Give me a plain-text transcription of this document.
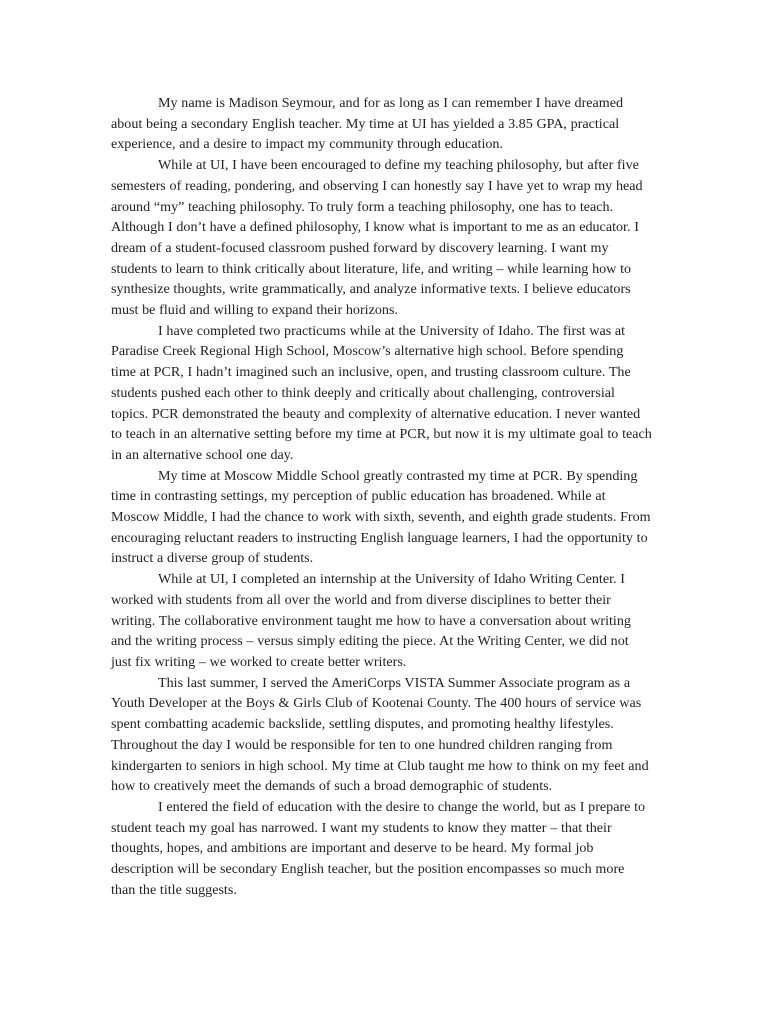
My name is Madison Seymour, and for as long as I can remember I have dreamed about being a secondary English teacher. My time at UI has yielded a 3.85 GPA, practical experience, and a desire to impact my community through education.

While at UI, I have been encouraged to define my teaching philosophy, but after five semesters of reading, pondering, and observing I can honestly say I have yet to wrap my head around “my” teaching philosophy. To truly form a teaching philosophy, one has to teach. Although I don’t have a defined philosophy, I know what is important to me as an educator. I dream of a student-focused classroom pushed forward by discovery learning. I want my students to learn to think critically about literature, life, and writing – while learning how to synthesize thoughts, write grammatically, and analyze informative texts. I believe educators must be fluid and willing to expand their horizons.

I have completed two practicums while at the University of Idaho. The first was at Paradise Creek Regional High School, Moscow’s alternative high school. Before spending time at PCR, I hadn’t imagined such an inclusive, open, and trusting classroom culture. The students pushed each other to think deeply and critically about challenging, controversial topics. PCR demonstrated the beauty and complexity of alternative education. I never wanted to teach in an alternative setting before my time at PCR, but now it is my ultimate goal to teach in an alternative school one day.

My time at Moscow Middle School greatly contrasted my time at PCR. By spending time in contrasting settings, my perception of public education has broadened. While at Moscow Middle, I had the chance to work with sixth, seventh, and eighth grade students. From encouraging reluctant readers to instructing English language learners, I had the opportunity to instruct a diverse group of students.

While at UI, I completed an internship at the University of Idaho Writing Center. I worked with students from all over the world and from diverse disciplines to better their writing. The collaborative environment taught me how to have a conversation about writing and the writing process – versus simply editing the piece. At the Writing Center, we did not just fix writing – we worked to create better writers.

This last summer, I served the AmeriCorps VISTA Summer Associate program as a Youth Developer at the Boys & Girls Club of Kootenai County. The 400 hours of service was spent combatting academic backslide, settling disputes, and promoting healthy lifestyles. Throughout the day I would be responsible for ten to one hundred children ranging from kindergarten to seniors in high school. My time at Club taught me how to think on my feet and how to creatively meet the demands of such a broad demographic of students.

I entered the field of education with the desire to change the world, but as I prepare to student teach my goal has narrowed. I want my students to know they matter – that their thoughts, hopes, and ambitions are important and deserve to be heard. My formal job description will be secondary English teacher, but the position encompasses so much more than the title suggests.
